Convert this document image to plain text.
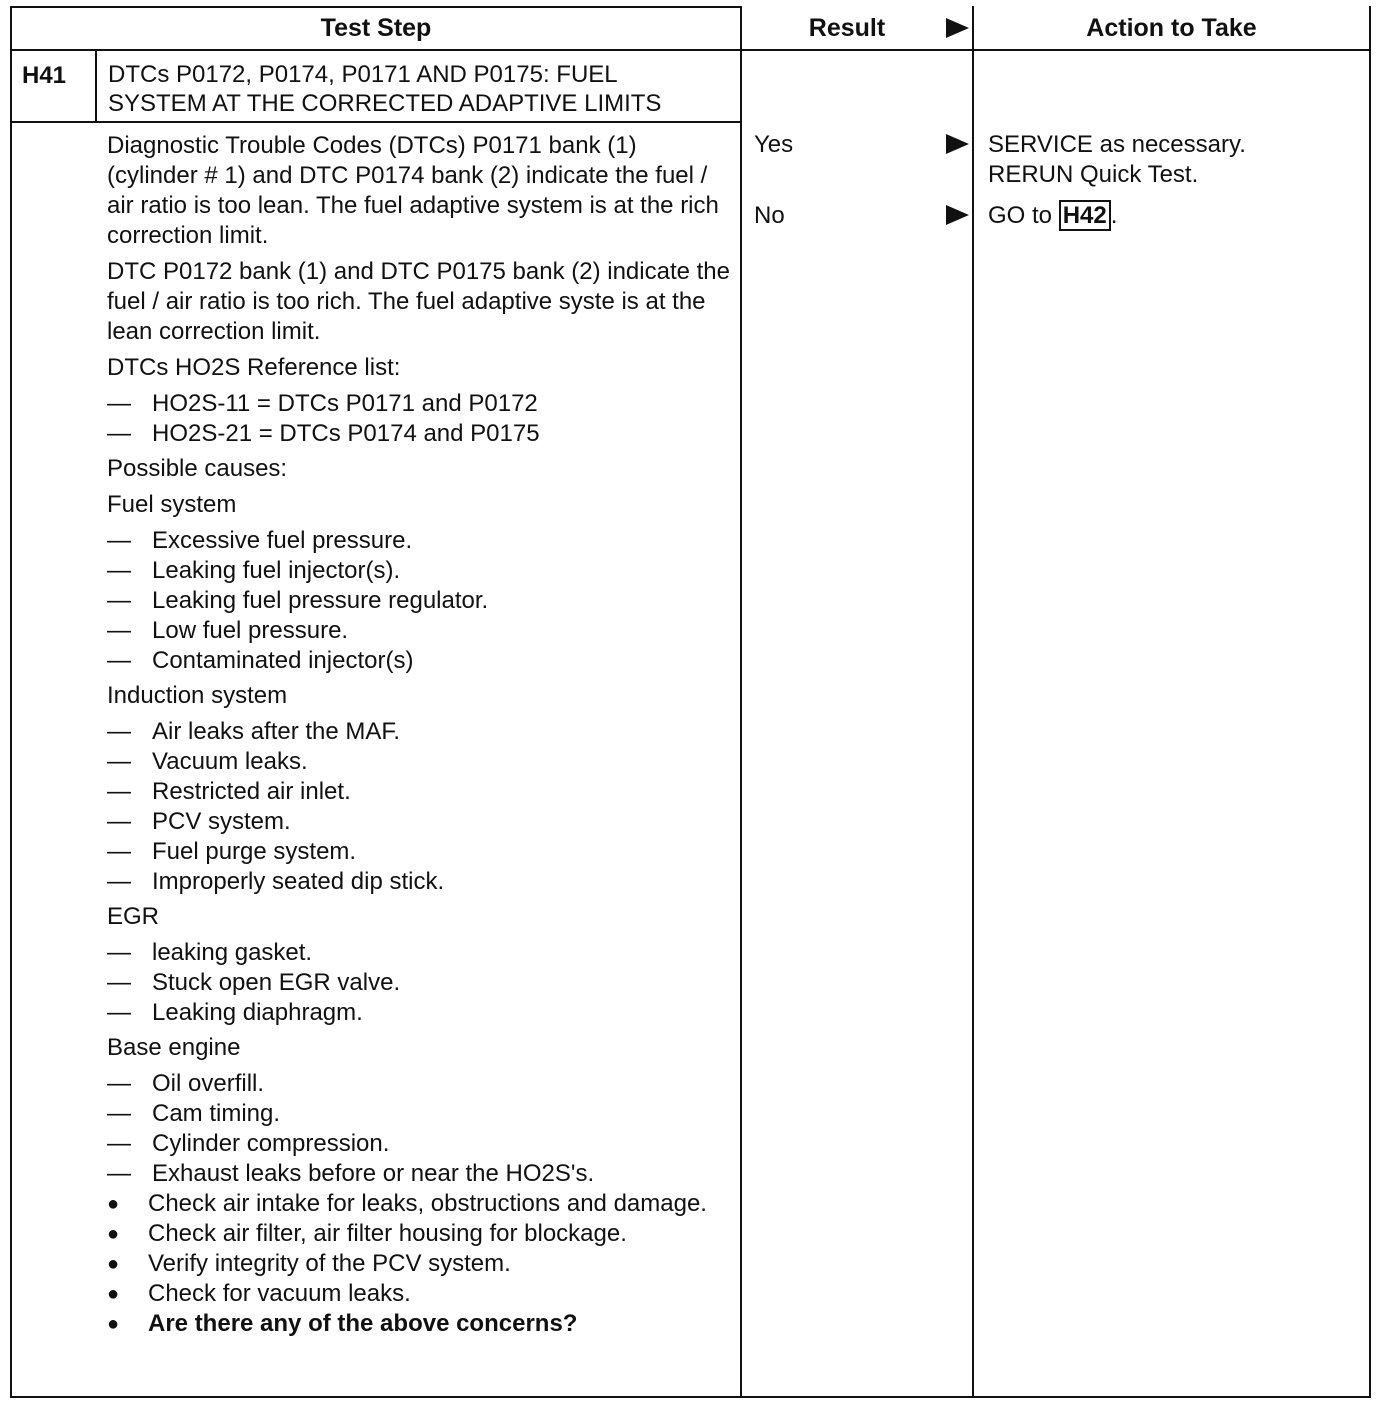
Test Step	Result	Action to Take
H41 DTCs P0172, P0174, P0171 AND P0175: FUEL
SYSTEM AT THE CORRECTED ADAPTIVE LIMITS

Diagnostic Trouble Codes (DTCs) P0171 bank (1) (cylinder # 1) and DTC P0174 bank (2) indicate the fuel / air ratio is too lean. The fuel adaptive system is at the rich correction limit.

DTC P0172 bank (1) and DTC P0175 bank (2) indicate the fuel / air ratio is too rich. The fuel adaptive syste is at the lean correction limit.

DTCs HO2S Reference list:

— HO2S-11 = DTCs P0171 and P0172
— HO2S-21 = DTCs P0174 and P0175

Possible causes:

Fuel system

— Excessive fuel pressure.
— Leaking fuel injector(s).
— Leaking fuel pressure regulator.
— Low fuel pressure.
— Contaminated injector(s)

Induction system

— Air leaks after the MAF.
— Vacuum leaks.
— Restricted air inlet.
— PCV system.
— Fuel purge system.
— Improperly seated dip stick.

EGR

— leaking gasket.
— Stuck open EGR valve.
— Leaking diaphragm.

Base engine

— Oil overfill.
— Cam timing.
— Cylinder compression.
— Exhaust leaks before or near the HO2S's.
● Check air intake for leaks, obstructions and damage.
● Check air filter, air filter housing for blockage.
● Verify integrity of the PCV system.
● Check for vacuum leaks.
● Are there any of the above concerns?
Yes	SERVICE as necessary.
RERUN Quick Test.
No	GO to H42 .
